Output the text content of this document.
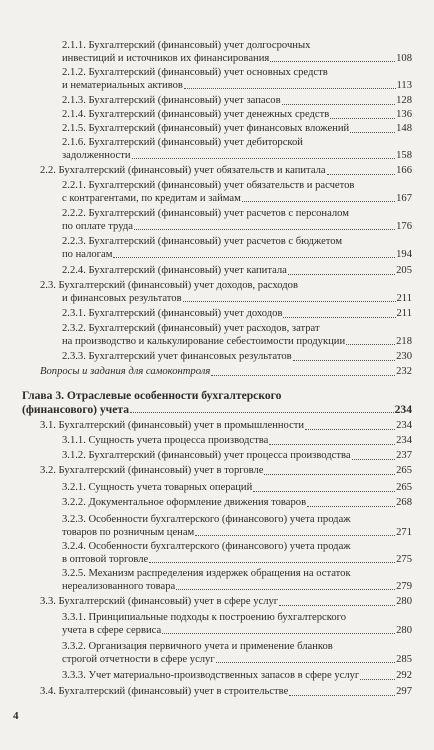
2.1.1. Бухгалтерский (финансовый) учет долгосрочных
инвестиций и источников их финансирования	108
2.1.2. Бухгалтерский (финансовый) учет основных средств
и нематериальных активов	113
2.1.3. Бухгалтерский (финансовый) учет запасов	128
2.1.4. Бухгалтерский (финансовый) учет денежных средств	136
2.1.5. Бухгалтерский (финансовый) учет финансовых вложений	148
2.1.6. Бухгалтерский (финансовый) учет дебиторской
задолженности	158
2.2. Бухгалтерский (финансовый) учет обязательств и капитала	166
2.2.1. Бухгалтерский (финансовый) учет обязательств и расчетов
с контрагентами, по кредитам и займам	167
2.2.2. Бухгалтерский (финансовый) учет расчетов с персоналом
по оплате труда	176
2.2.3. Бухгалтерский (финансовый) учет расчетов с бюджетом
по налогам	194
2.2.4. Бухгалтерский (финансовый) учет капитала	205
2.3. Бухгалтерский (финансовый) учет доходов, расходов
и финансовых результатов	211
2.3.1. Бухгалтерский (финансовый) учет доходов	211
2.3.2. Бухгалтерский (финансовый) учет расходов, затрат
на производство и калькулирование себестоимости продукции	218
2.3.3. Бухгалтерский учет финансовых результатов	230
Вопросы и задания для самоконтроля	232
Глава 3. Отраслевые особенности бухгалтерского
(финансового) учета	234
3.1. Бухгалтерский (финансовый) учет в промышленности	234
3.1.1. Сущность учета процесса производства	234
3.1.2. Бухгалтерский (финансовый) учет процесса производства	237
3.2. Бухгалтерский (финансовый) учет в торговле	265
3.2.1. Сущность учета товарных операций	265
3.2.2. Документальное оформление движения товаров	268
3.2.3. Особенности бухгалтерского (финансового) учета продаж
товаров по розничным ценам	271
3.2.4. Особенности бухгалтерского (финансового) учета продаж
в оптовой торговле	275
3.2.5. Механизм распределения издержек обращения на остаток
нереализованного товара	279
3.3. Бухгалтерский (финансовый) учет в сфере услуг	280
3.3.1. Принципиальные подходы к построению бухгалтерского
учета в сфере сервиса	280
3.3.2. Организация первичного учета и применение бланков
строгой отчетности в сфере услуг	285
3.3.3. Учет материально-производственных запасов в сфере услуг	292
3.4. Бухгалтерский (финансовый) учет в строительстве	297
4
